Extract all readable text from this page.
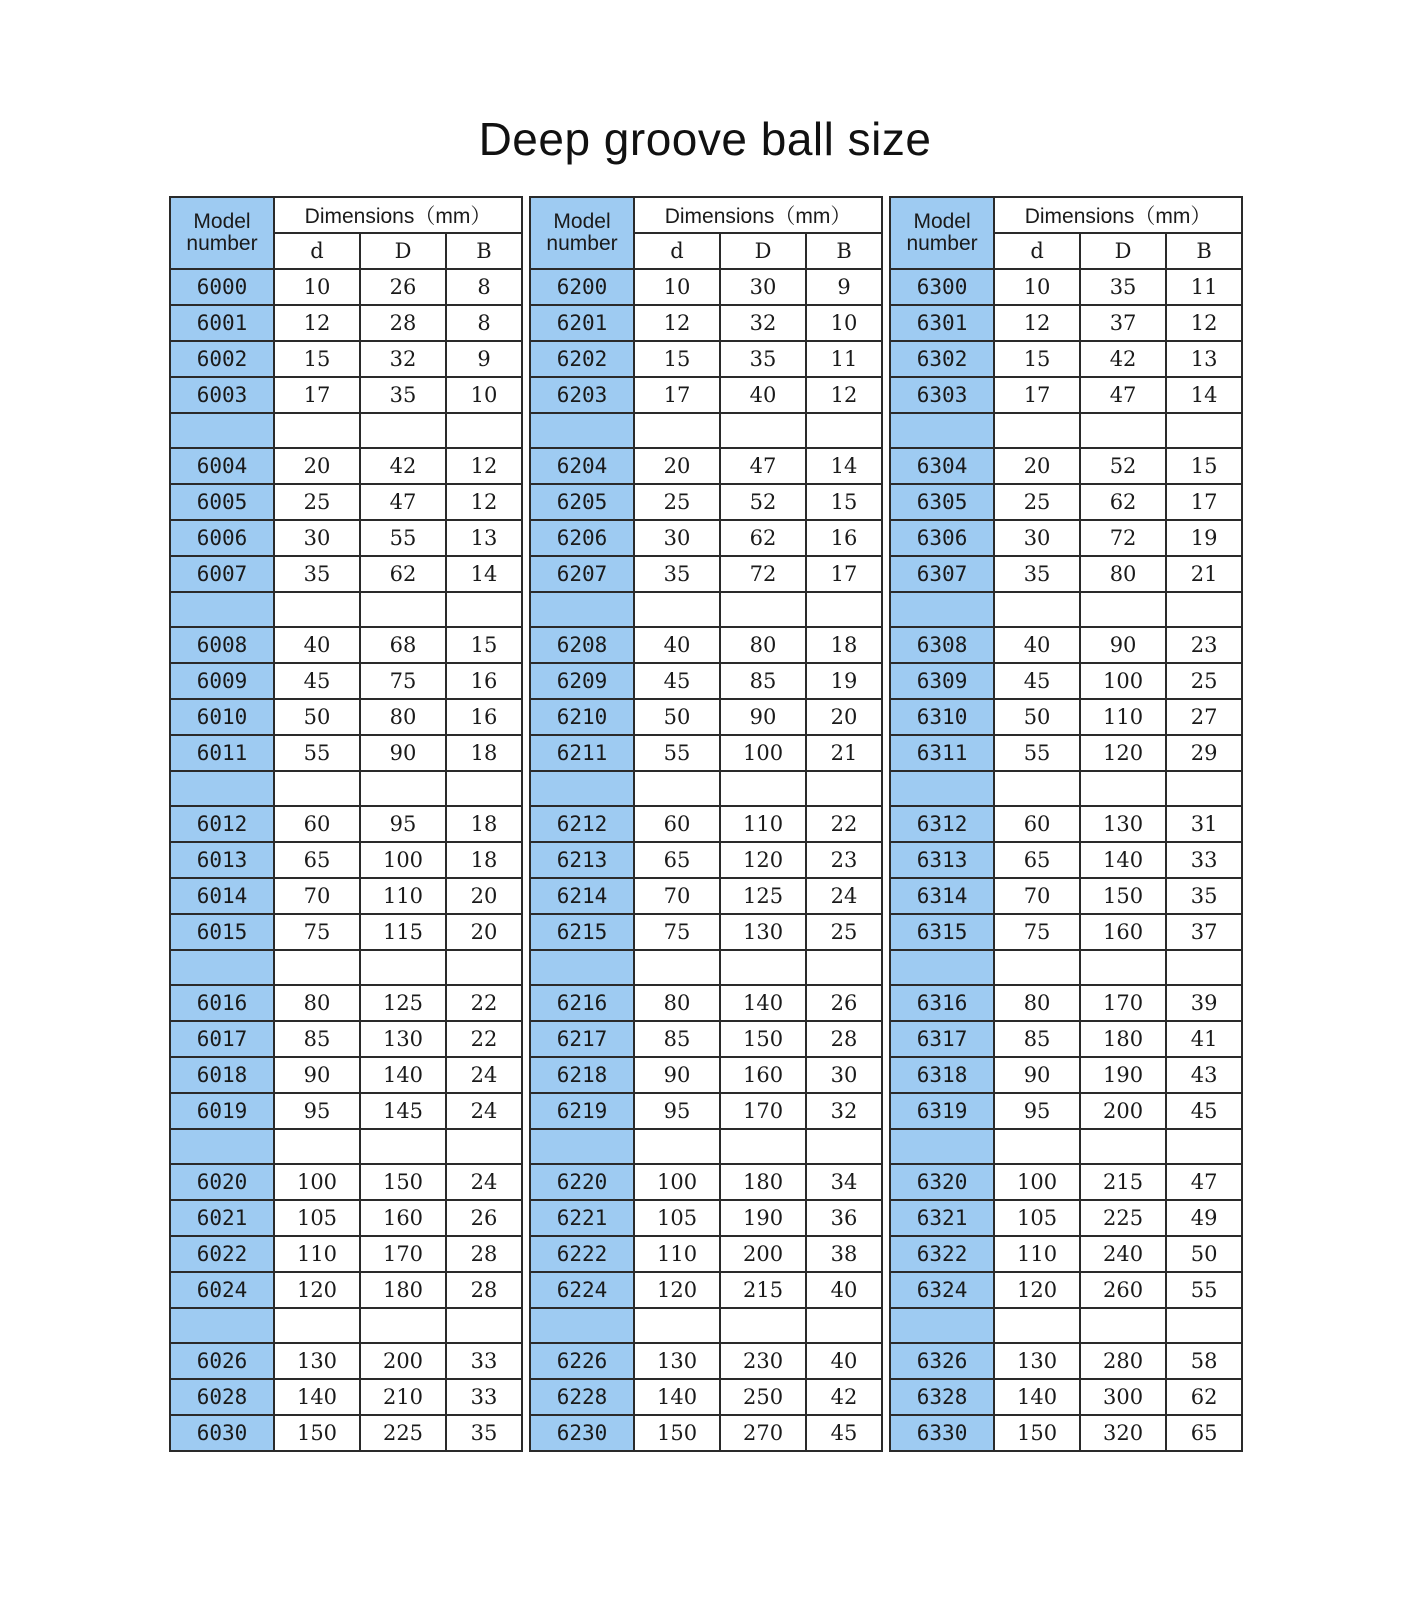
Deep groove ball size
Model number	Dimensions（mm）		
	d	D	B
6000	10	26	8
6001	12	28	8
6002	15	32	9
6003	17	35	10

6004	20	42	12
6005	25	47	12
6006	30	55	13
6007	35	62	14

6008	40	68	15
6009	45	75	16
6010	50	80	16
6011	55	90	18

6012	60	95	18
6013	65	100	18
6014	70	110	20
6015	75	115	20

6016	80	125	22
6017	85	130	22
6018	90	140	24
6019	95	145	24

6020	100	150	24
6021	105	160	26
6022	110	170	28
6024	120	180	28

6026	130	200	33
6028	140	210	33
6030	150	225	35
Model number	Dimensions（mm）		
	d	D	B
6200	10	30	9
6201	12	32	10
6202	15	35	11
6203	17	40	12

6204	20	47	14
6205	25	52	15
6206	30	62	16
6207	35	72	17

6208	40	80	18
6209	45	85	19
6210	50	90	20
6211	55	100	21

6212	60	110	22
6213	65	120	23
6214	70	125	24
6215	75	130	25

6216	80	140	26
6217	85	150	28
6218	90	160	30
6219	95	170	32

6220	100	180	34
6221	105	190	36
6222	110	200	38
6224	120	215	40

6226	130	230	40
6228	140	250	42
6230	150	270	45
Model number	Dimensions（mm）		
	d	D	B
6300	10	35	11
6301	12	37	12
6302	15	42	13
6303	17	47	14

6304	20	52	15
6305	25	62	17
6306	30	72	19
6307	35	80	21

6308	40	90	23
6309	45	100	25
6310	50	110	27
6311	55	120	29

6312	60	130	31
6313	65	140	33
6314	70	150	35
6315	75	160	37

6316	80	170	39
6317	85	180	41
6318	90	190	43
6319	95	200	45

6320	100	215	47
6321	105	225	49
6322	110	240	50
6324	120	260	55

6326	130	280	58
6328	140	300	62
6330	150	320	65
